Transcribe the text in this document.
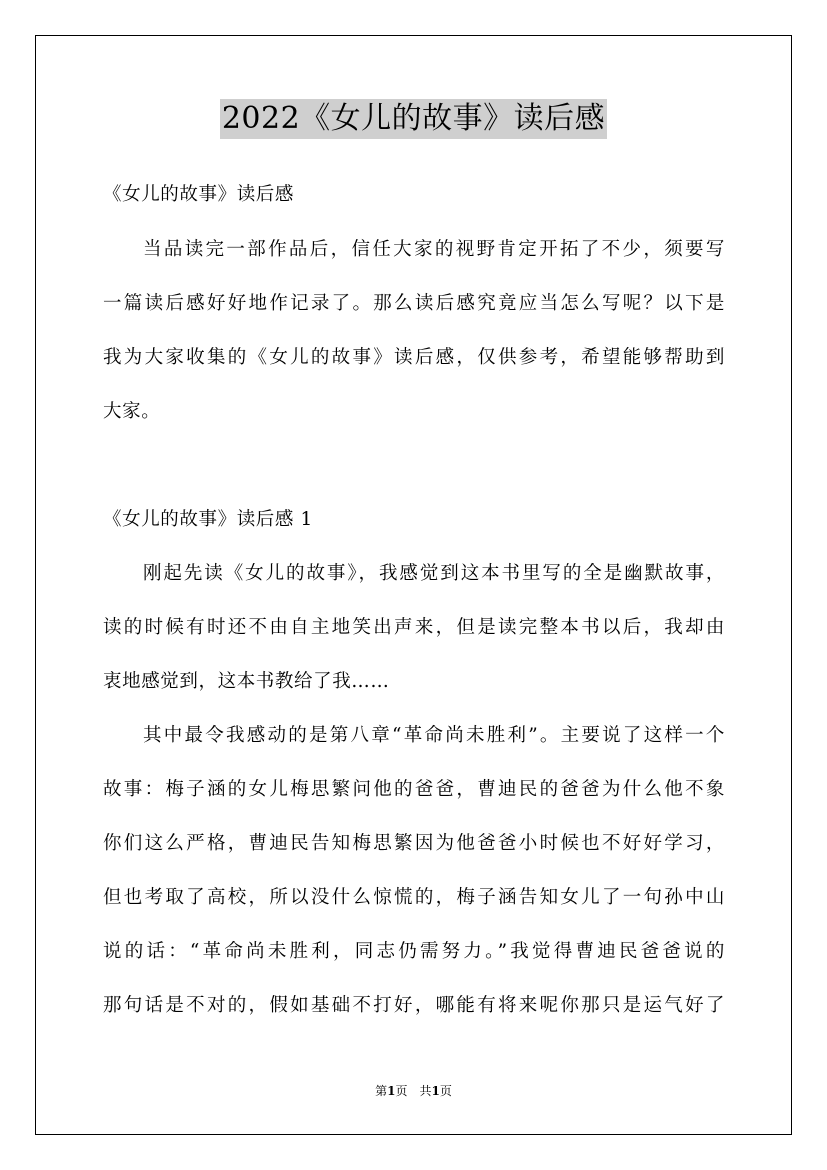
2022《女儿的故事》读后感
《女儿的故事》读后感
当品读完一部作品后，信任大家的视野肯定开拓了不少，须要写
一篇读后感好好地作记录了。那么读后感究竟应当怎么写呢？以下是
我为大家收集的《女儿的故事》读后感，仅供参考，希望能够帮助到
大家。
《女儿的故事》读后感 1
刚起先读《女儿的故事》，我感觉到这本书里写的全是幽默故事，
读的时候有时还不由自主地笑出声来，但是读完整本书以后，我却由
衷地感觉到，这本书教给了我……
其中最令我感动的是第八章“革命尚未胜利”。主要说了这样一个
故事：梅子涵的女儿梅思繁问他的爸爸，曹迪民的爸爸为什么他不象
你们这么严格，曹迪民告知梅思繁因为他爸爸小时候也不好好学习，
但也考取了高校，所以没什么惊慌的，梅子涵告知女儿了一句孙中山
说的话：“革命尚未胜利，同志仍需努力。”我觉得曹迪民爸爸说的
那句话是不对的，假如基础不打好，哪能有将来呢你那只是运气好了
第1页　共1页
